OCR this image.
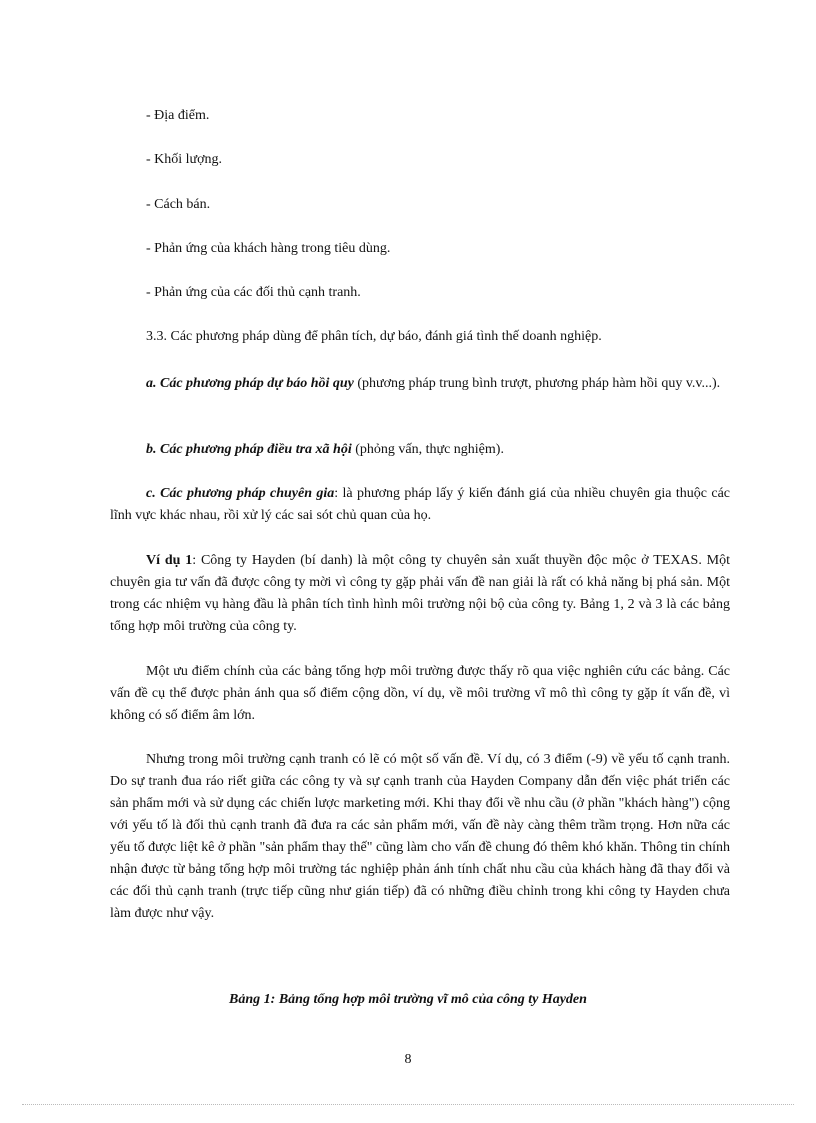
- Địa điểm.
- Khối lượng.
- Cách bán.
- Phản ứng của khách hàng trong tiêu dùng.
- Phản ứng của các đối thủ cạnh tranh.
3.3. Các phương pháp dùng để phân tích, dự báo, đánh giá tình thế doanh nghiệp.
a. Các phương pháp dự báo hồi quy (phương pháp trung bình trượt, phương pháp hàm hồi quy v.v...).
b. Các phương pháp điều tra xã hội (phỏng vấn, thực nghiệm).
c. Các phương pháp chuyên gia: là phương pháp lấy ý kiến đánh giá của nhiều chuyên gia thuộc các lĩnh vực khác nhau, rồi xử lý các sai sót chủ quan của họ.
Ví dụ 1: Công ty Hayden (bí danh) là một công ty chuyên sản xuất thuyền độc mộc ở TEXAS. Một chuyên gia tư vấn đã được công ty mời vì công ty gặp phải vấn đề nan giải là rất có khả năng bị phá sản. Một trong các nhiệm vụ hàng đầu là phân tích tình hình môi trường nội bộ của công ty. Bảng 1, 2 và 3 là các bảng tổng hợp môi trường của công ty.
Một ưu điểm chính của các bảng tổng hợp môi trường được thấy rõ qua việc nghiên cứu các bảng. Các vấn đề cụ thể được phản ánh qua số điểm cộng dồn, ví dụ, về môi trường vĩ mô thì công ty gặp ít vấn đề, vì không có số điểm âm lớn.
Nhưng trong môi trường cạnh tranh có lẽ có một số vấn đề. Ví dụ, có 3 điểm (-9) về yếu tố cạnh tranh. Do sự tranh đua ráo riết giữa các công ty và sự cạnh tranh của Hayden Company dẫn đến việc phát triển các sản phẩm mới và sử dụng các chiến lược marketing mới. Khi thay đổi về nhu cầu (ở phần "khách hàng") cộng với yếu tố là đối thủ cạnh tranh đã đưa ra các sản phẩm mới, vấn đề này càng thêm trầm trọng. Hơn nữa các yếu tố được liệt kê ở phần "sản phẩm thay thế" cũng làm cho vấn đề chung đó thêm khó khăn. Thông tin chính nhận được từ bảng tổng hợp môi trường tác nghiệp phản ánh tính chất nhu cầu của khách hàng đã thay đổi và các đối thủ cạnh tranh (trực tiếp cũng như gián tiếp) đã có những điều chỉnh trong khi công ty Hayden chưa làm được như vậy.
Bảng 1: Bảng tổng hợp môi trường vĩ mô của công ty Hayden
8
